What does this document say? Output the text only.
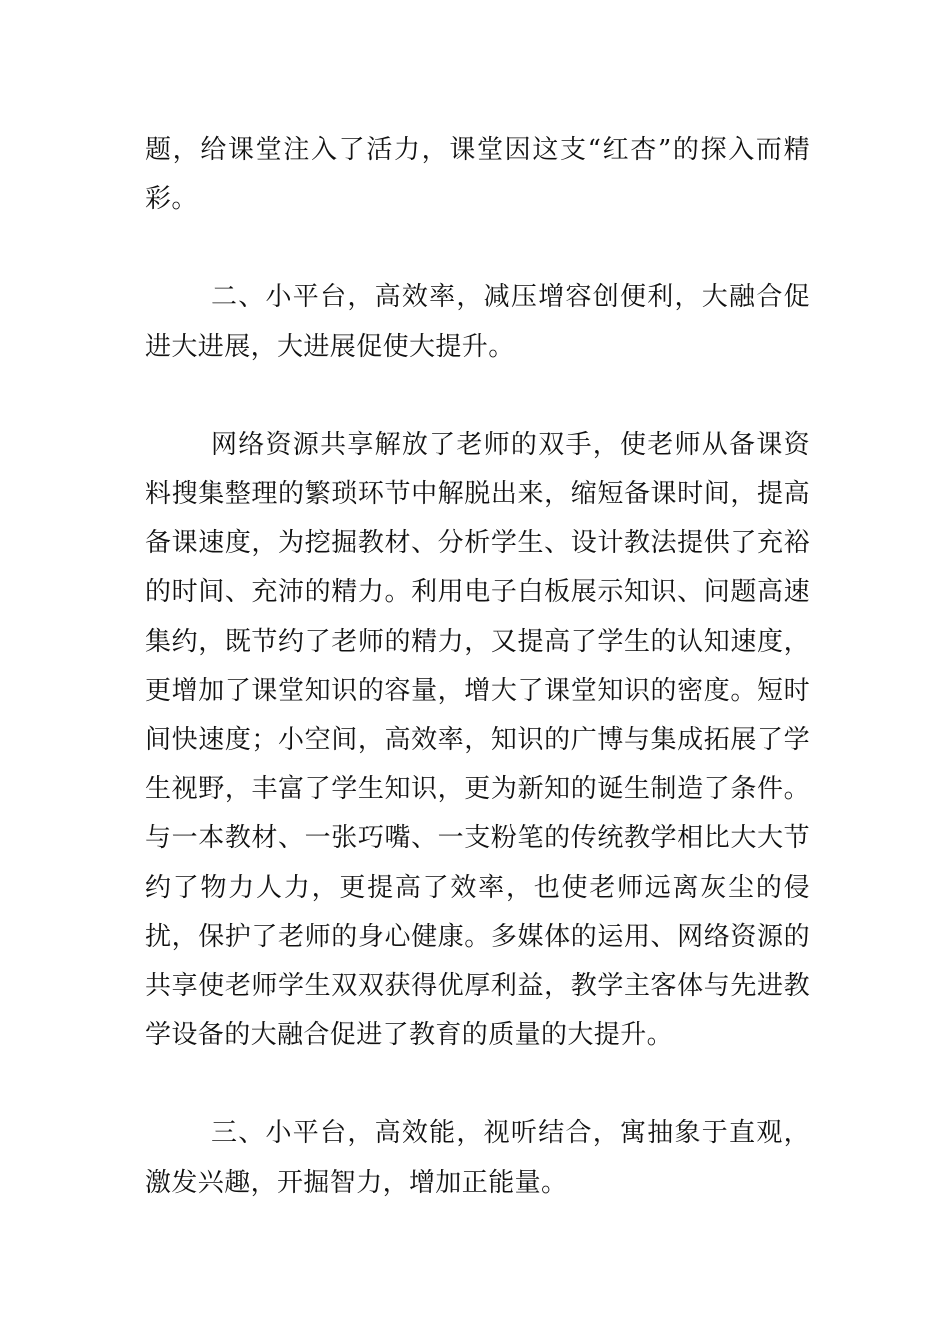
题，给课堂注入了活力，课堂因这支“红杏”的探入而精彩。

二、小平台，高效率，减压增容创便利，大融合促进大进展，大进展促使大提升。

网络资源共享解放了老师的双手，使老师从备课资料搜集整理的繁琐环节中解脱出来，缩短备课时间，提高备课速度，为挖掘教材、分析学生、设计教法提供了充裕的时间、充沛的精力。利用电子白板展示知识、问题高速集约，既节约了老师的精力，又提高了学生的认知速度，更增加了课堂知识的容量，增大了课堂知识的密度。短时间快速度；小空间，高效率，知识的广博与集成拓展了学生视野，丰富了学生知识，更为新知的诞生制造了条件。与一本教材、一张巧嘴、一支粉笔的传统教学相比大大节约了物力人力，更提高了效率，也使老师远离灰尘的侵扰，保护了老师的身心健康。多媒体的运用、网络资源的共享使老师学生双双获得优厚利益，教学主客体与先进教学设备的大融合促进了教育的质量的大提升。

三、小平台，高效能，视听结合，寓抽象于直观，激发兴趣，开掘智力，增加正能量。
